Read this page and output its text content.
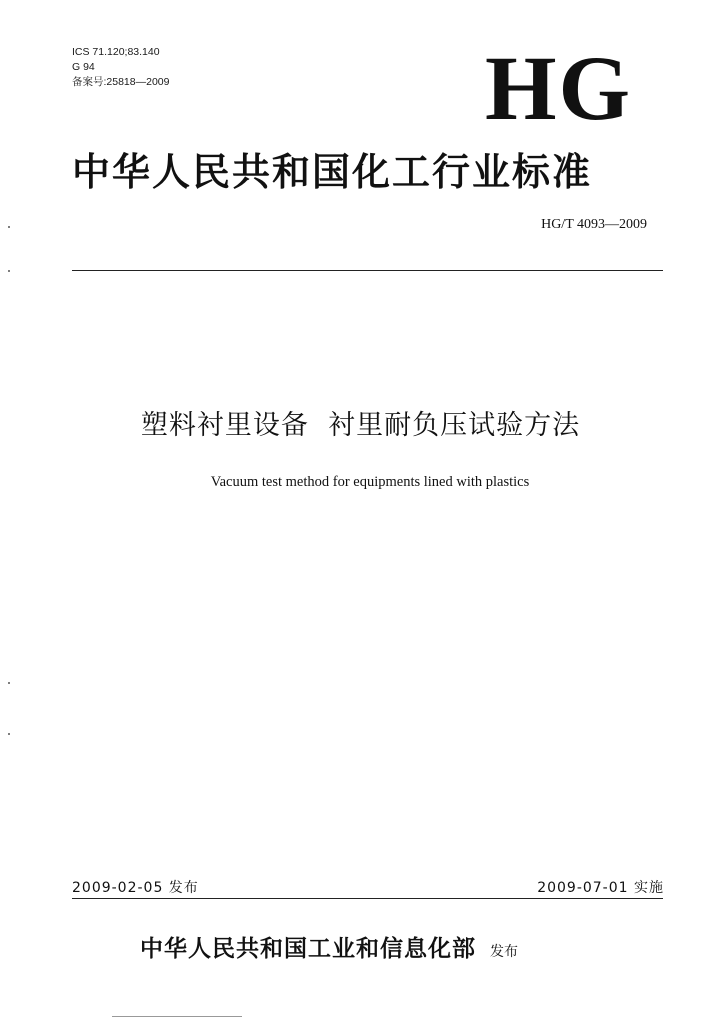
ICS 71.120;83.140
G 94
备案号:25818—2009	HG
中华人民共和国化工行业标准
HG/T 4093—2009
塑料衬里设备  衬里耐负压试验方法
Vacuum test method for equipments lined with plastics
2009-02-05 发布	2009-07-01 实施
中华人民共和国工业和信息化部 发布
